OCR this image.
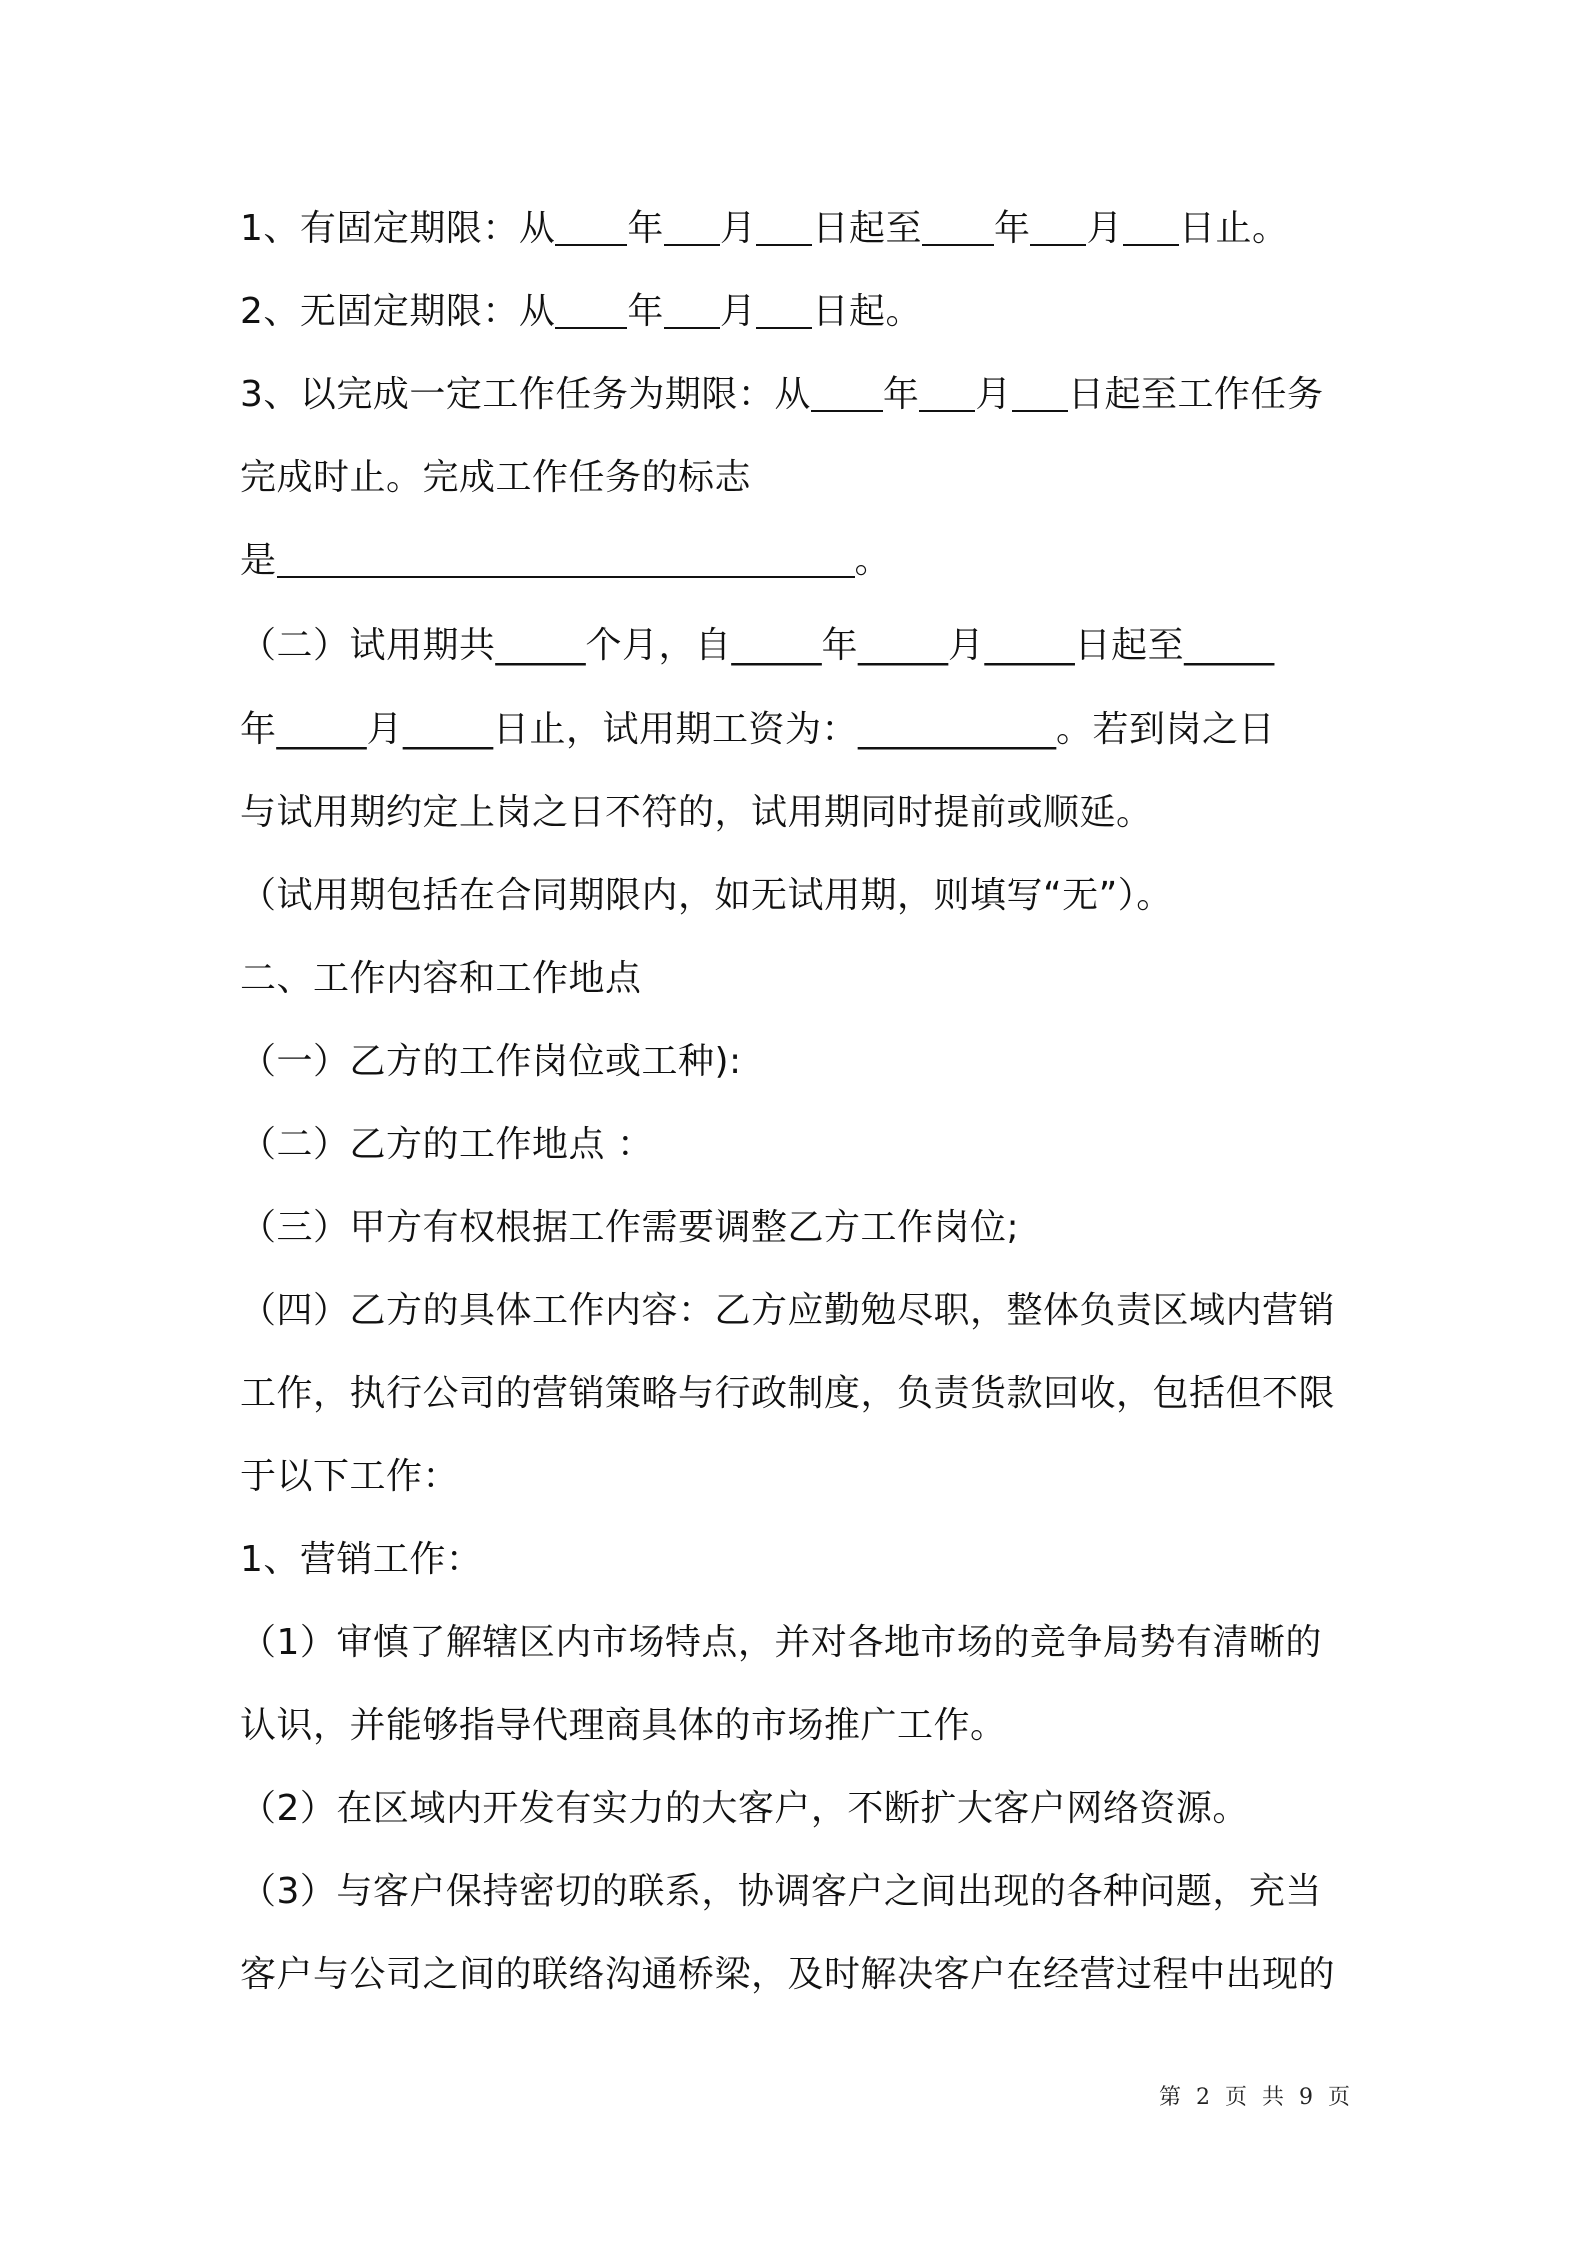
1、有固定期限：从 年 月 日起至 年 月 日止。
2、无固定期限：从 年 月 日起。
3、以完成一定工作任务为期限：从 年 月 日起至工作任务
完成时止。完成工作任务的标志
是	。
（二）试用期共_____个月，自_____年_____月_____日起至_____
年_____月_____日止，试用期工资为：___________。若到岗之日
与试用期约定上岗之日不符的，试用期同时提前或顺延。
（试用期包括在合同期限内，如无试用期，则填写“无”）。
二、工作内容和工作地点
（一）乙方的工作岗位或工种):
（二）乙方的工作地点 ：
（三）甲方有权根据工作需要调整乙方工作岗位;
（四）乙方的具体工作内容：乙方应勤勉尽职，整体负责区域内营销
工作，执行公司的营销策略与行政制度，负责货款回收，包括但不限
于以下工作：
1、营销工作：
（1）审慎了解辖区内市场特点，并对各地市场的竞争局势有清晰的
认识，并能够指导代理商具体的市场推广工作。
（2）在区域内开发有实力的大客户，不断扩大客户网络资源。
（3）与客户保持密切的联系，协调客户之间出现的各种问题，充当
客户与公司之间的联络沟通桥梁，及时解决客户在经营过程中出现的
第 2 页 共 9 页
